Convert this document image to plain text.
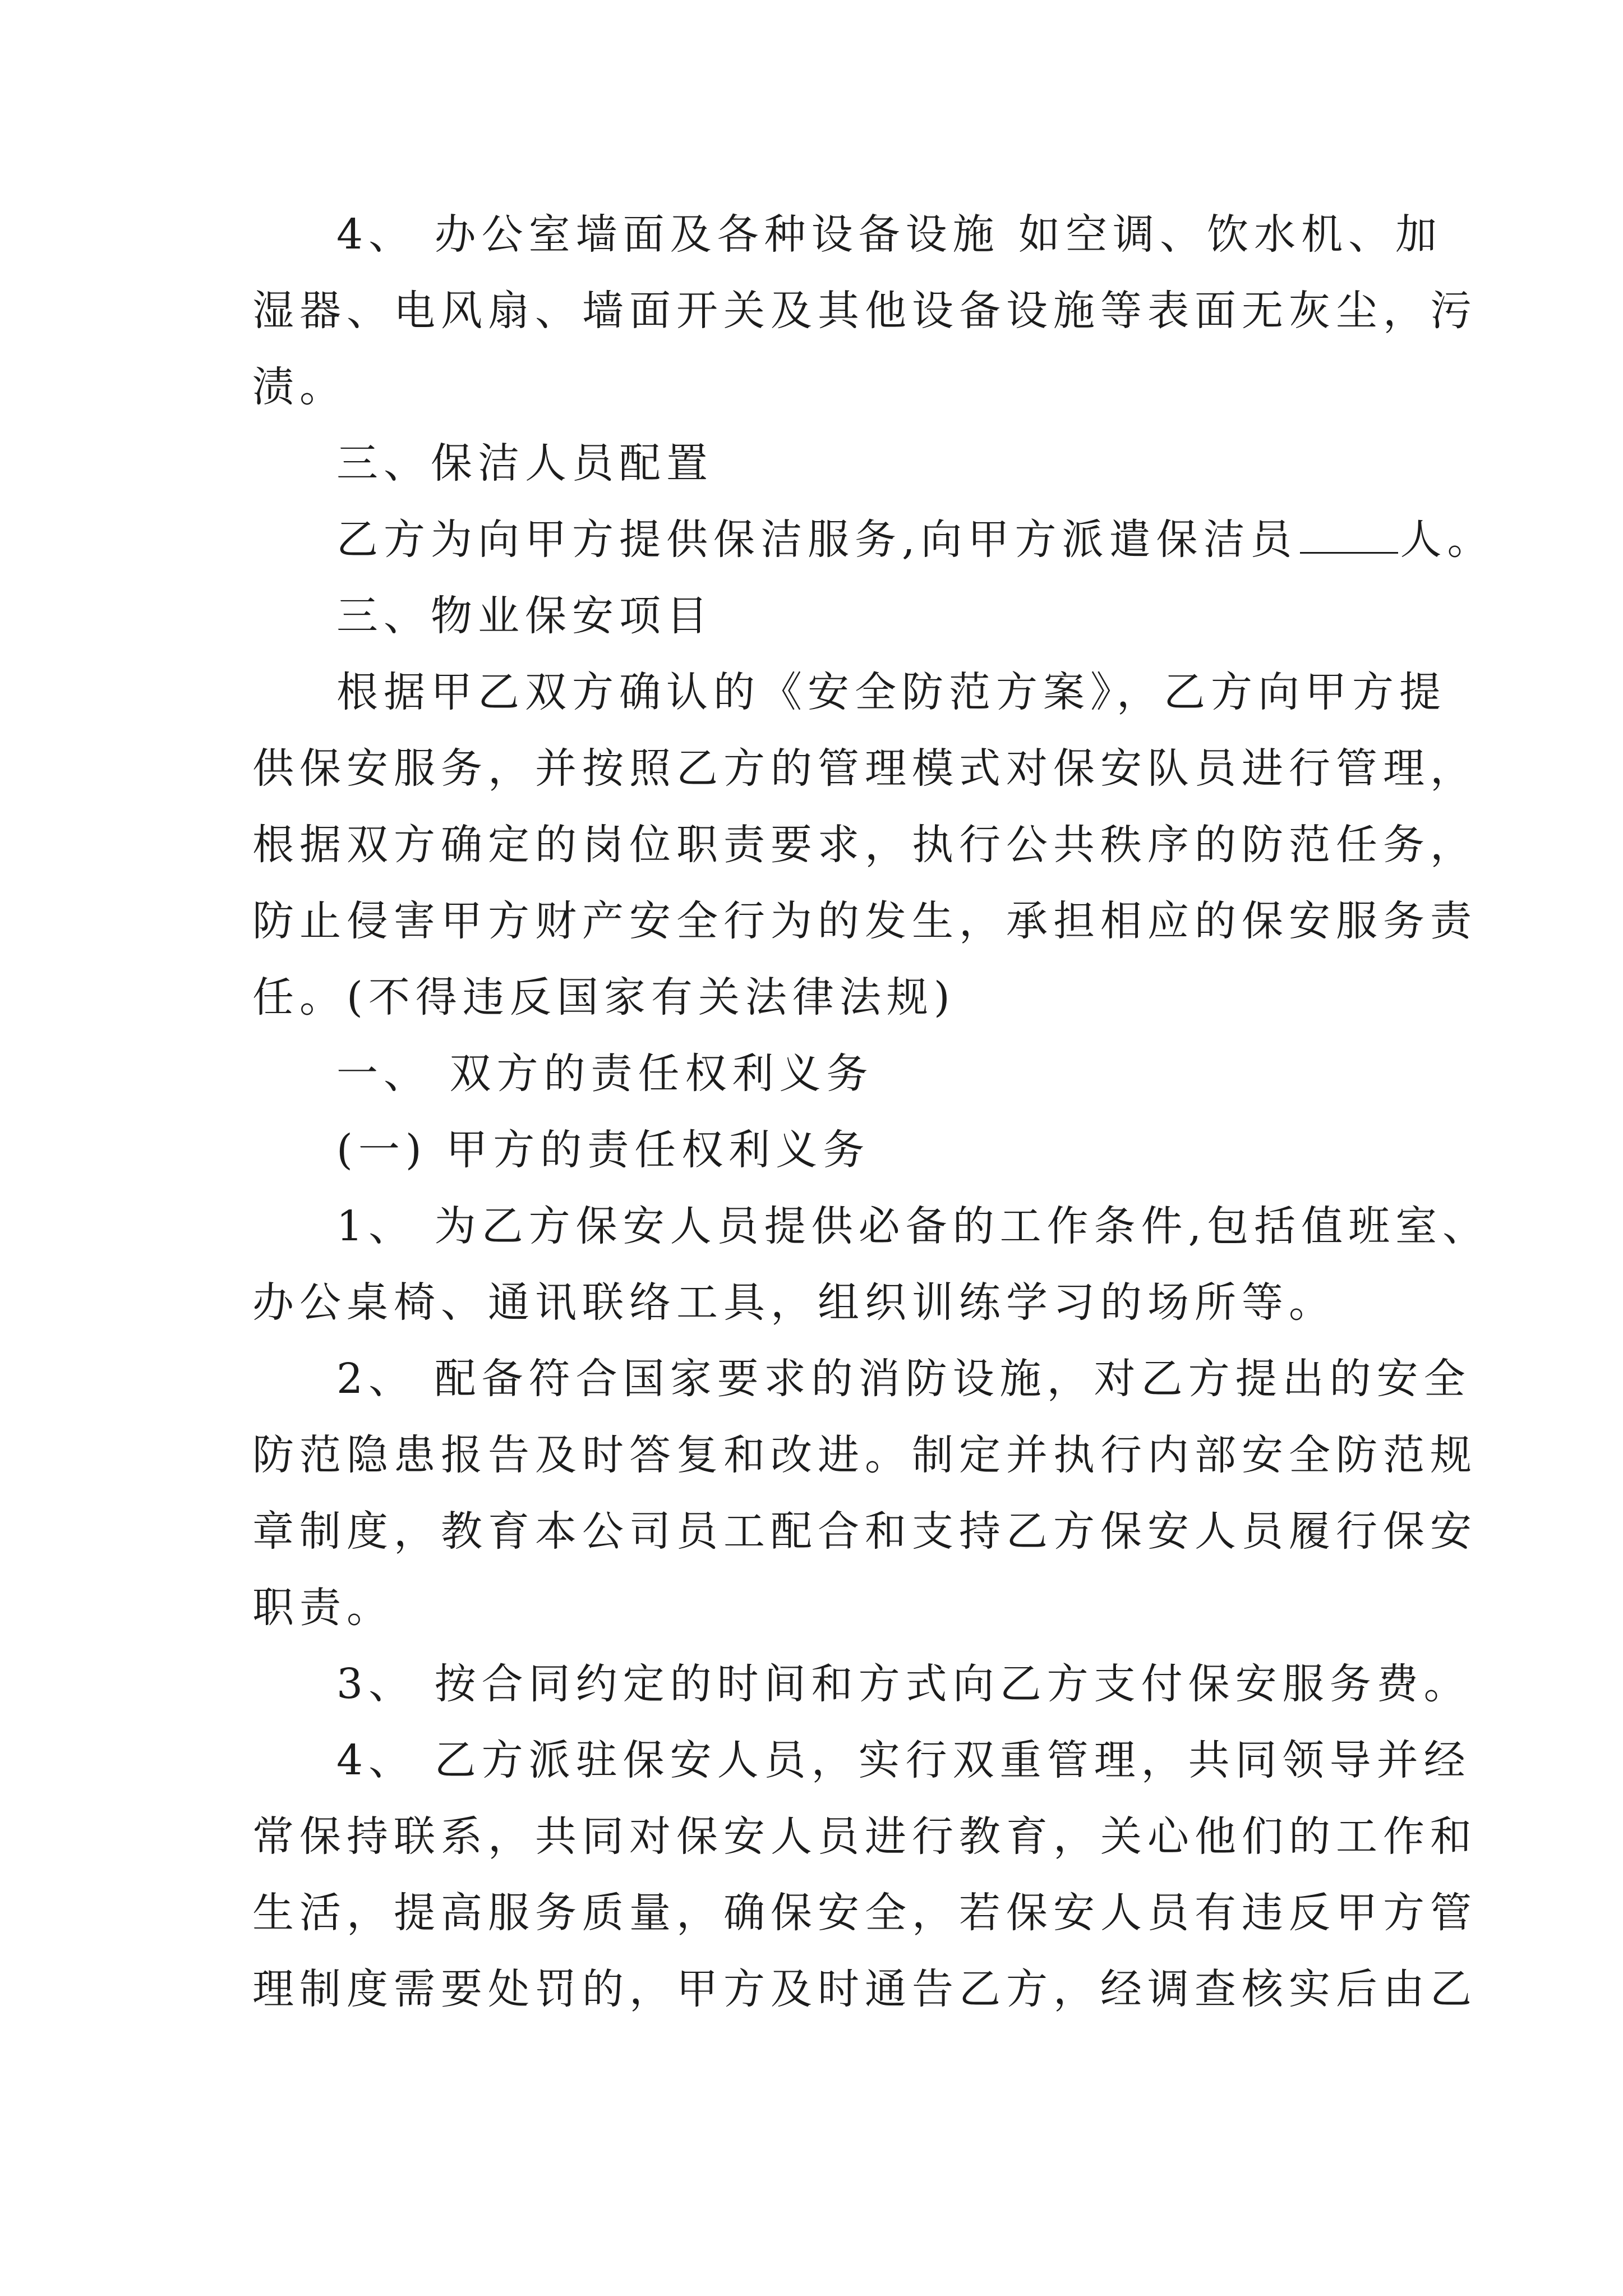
4、 办公室墙面及各种设备设施 如空调、饮水机、加
湿器、电风扇、墙面开关及其他设备设施等表面无灰尘，污
渍。
三、保洁人员配置
乙方为向甲方提供保洁服务,向甲方派遣保洁员 人。
三、物业保安项目
根据甲乙双方确认的《安全防范方案》，乙方向甲方提
供保安服务，并按照乙方的管理模式对保安队员进行管理，
根据双方确定的岗位职责要求，执行公共秩序的防范任务，
防止侵害甲方财产安全行为的发生，承担相应的保安服务责
任。(不得违反国家有关法律法规)
一、 双方的责任权利义务
(一) 甲方的责任权利义务
1、 为乙方保安人员提供必备的工作条件,包括值班室、
办公桌椅、通讯联络工具，组织训练学习的场所等。
2、 配备符合国家要求的消防设施，对乙方提出的安全
防范隐患报告及时答复和改进。制定并执行内部安全防范规
章制度，教育本公司员工配合和支持乙方保安人员履行保安
职责。
3、 按合同约定的时间和方式向乙方支付保安服务费。
4、 乙方派驻保安人员，实行双重管理，共同领导并经
常保持联系，共同对保安人员进行教育，关心他们的工作和
生活，提高服务质量，确保安全，若保安人员有违反甲方管
理制度需要处罚的，甲方及时通告乙方，经调查核实后由乙
